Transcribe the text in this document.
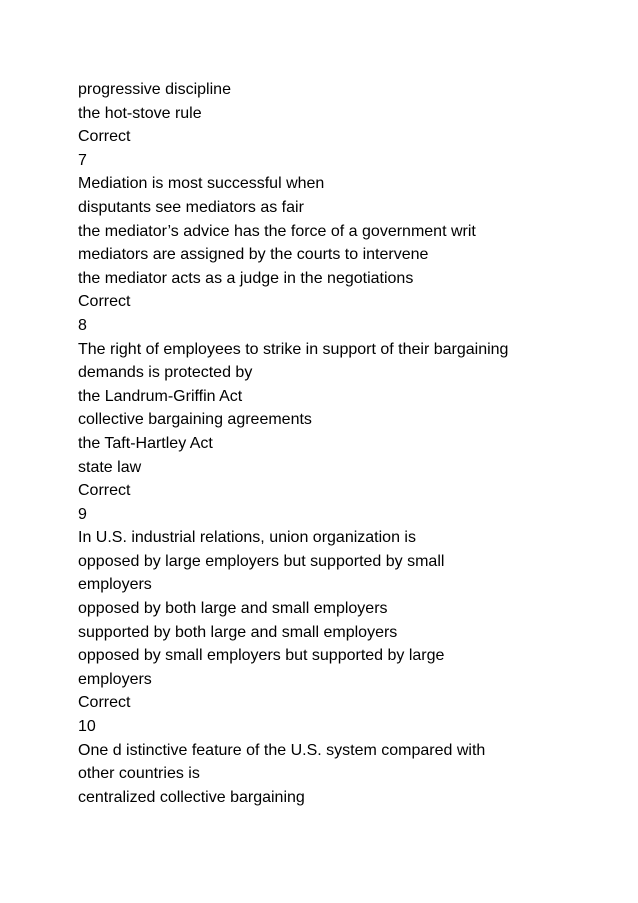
progressive discipline
the hot-stove rule
Correct
7
Mediation is most successful when
disputants see mediators as fair
the mediator’s advice has the force of a government writ
mediators are assigned by the courts to intervene
the mediator acts as a judge in the negotiations
Correct
8
The right of employees to strike in support of their bargaining
demands is protected by
the Landrum-Griffin Act
collective bargaining agreements
the Taft-Hartley Act
state law
Correct
9
In U.S. industrial relations, union organization is
opposed by large employers but supported by small
employers
opposed by both large and small employers
supported by both large and small employers
opposed by small employers but supported by large
employers
Correct
10
One d istinctive feature of the U.S. system compared with
other countries is
centralized collective bargaining
